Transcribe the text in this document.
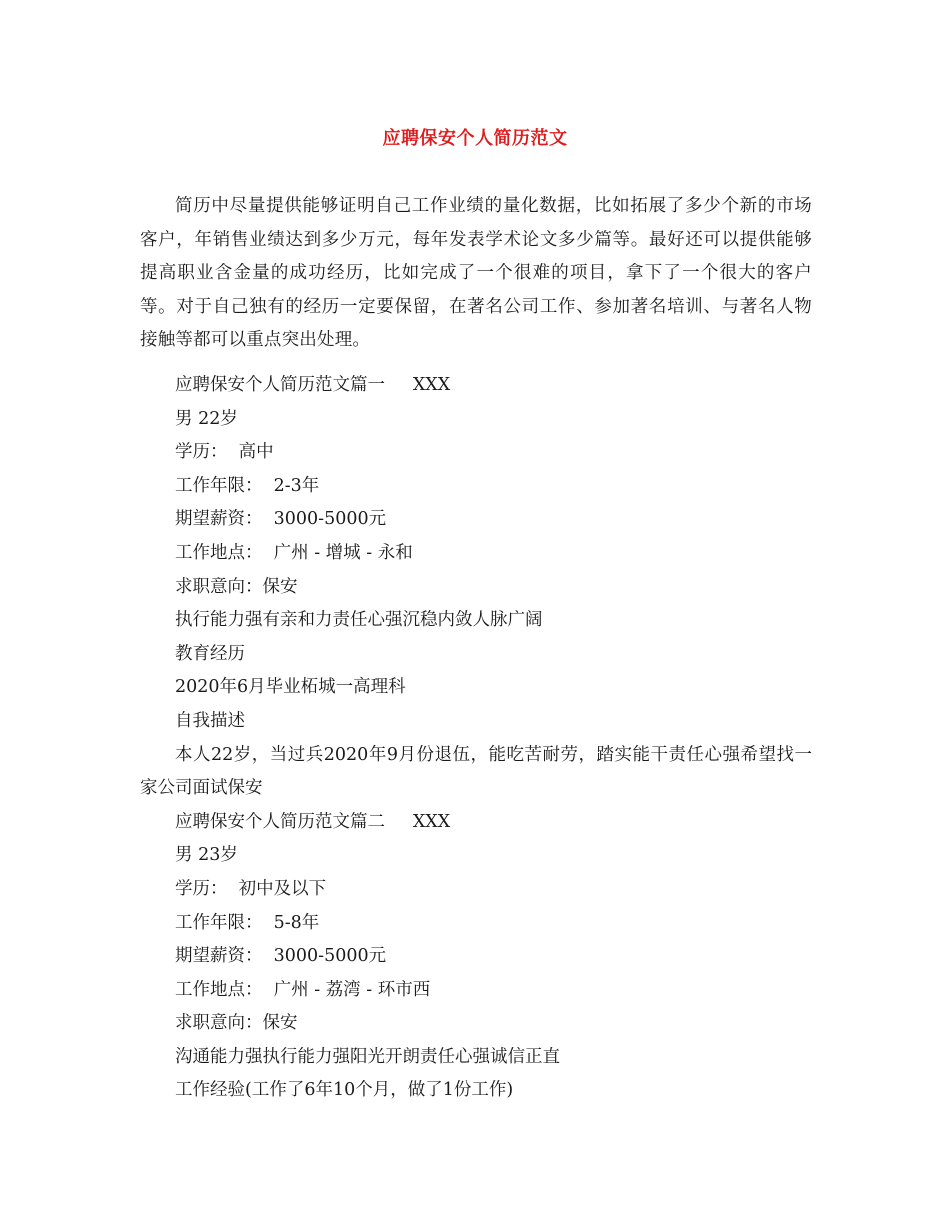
应聘保安个人简历范文
简历中尽量提供能够证明自己工作业绩的量化数据，比如拓展了多少个新的市场客户，年销售业绩达到多少万元，每年发表学术论文多少篇等。最好还可以提供能够提高职业含金量的成功经历，比如完成了一个很难的项目，拿下了一个很大的客户等。对于自己独有的经历一定要保留，在著名公司工作、参加著名培训、与著名人物接触等都可以重点突出处理。
应聘保安个人简历范文篇一     XXX
男 22岁
学历：  高中
工作年限：  2-3年
期望薪资：  3000-5000元
工作地点：  广州 - 增城 - 永和
求职意向：保安
执行能力强有亲和力责任心强沉稳内敛人脉广阔
教育经历
2020年6月毕业柘城一高理科
自我描述
本人22岁，当过兵2020年9月份退伍，能吃苦耐劳，踏实能干责任心强希望找一家公司面试保安
应聘保安个人简历范文篇二     XXX
男 23岁
学历：  初中及以下
工作年限：  5-8年
期望薪资：  3000-5000元
工作地点：  广州 - 荔湾 - 环市西
求职意向：保安
沟通能力强执行能力强阳光开朗责任心强诚信正直
工作经验(工作了6年10个月，做了1份工作)
